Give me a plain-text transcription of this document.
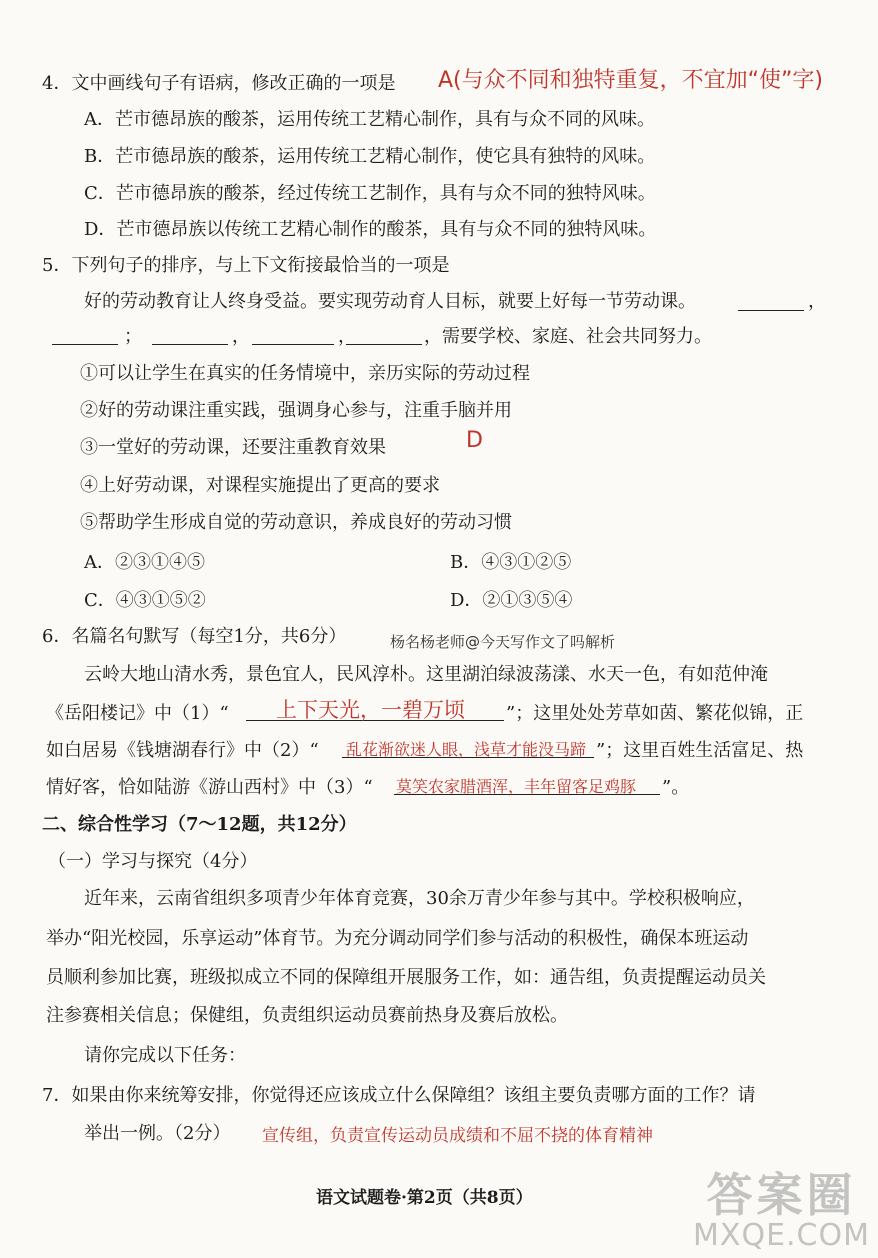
4．文中画线句子有语病，修改正确的一项是 A(与众不同和独特重复，不宜加“使”字)
A．芒市德昂族的酸茶，运用传统工艺精心制作，具有与众不同的风味。
B．芒市德昂族的酸茶，运用传统工艺精心制作，使它具有独特的风味。
C．芒市德昂族的酸茶，经过传统工艺制作，具有与众不同的独特风味。
D．芒市德昂族以传统工艺精心制作的酸茶，具有与众不同的独特风味。
5．下列句子的排序，与上下文衔接最恰当的一项是
好的劳动教育让人终身受益。要实现劳动育人目标，就要上好每一节劳动课。	，
；	，	，	，需要学校、家庭、社会共同努力。
①可以让学生在真实的任务情境中，亲历实际的劳动过程
②好的劳动课注重实践，强调身心参与，注重手脑并用
③一堂好的劳动课，还要注重教育效果	D
④上好劳动课，对课程实施提出了更高的要求
⑤帮助学生形成自觉的劳动意识，养成良好的劳动习惯
A．②③①④⑤	B．④③①②⑤
C．④③①⑤②	D．②①③⑤④
6．名篇名句默写（每空1分，共6分）	杨名杨老师@今天写作文了吗解析
云岭大地山清水秀，景色宜人，民风淳朴。这里湖泊绿波荡漾、水天一色，有如范仲淹
《岳阳楼记》中（1）“ 上下天光，一碧万顷 ”；这里处处芳草如茵、繁花似锦，正
如白居易《钱塘湖春行》中（2）“ 乱花渐欲迷人眼，浅草才能没马蹄 ”；这里百姓生活富足、热
情好客，恰如陆游《游山西村》中（3）“ 莫笑农家腊酒浑，丰年留客足鸡豚 ”。
二、综合性学习（7～12题，共12分）
（一）学习与探究（4分）
近年来，云南省组织多项青少年体育竞赛，30余万青少年参与其中。学校积极响应，
举办“阳光校园，乐享运动”体育节。为充分调动同学们参与活动的积极性，确保本班运动
员顺利参加比赛，班级拟成立不同的保障组开展服务工作，如：通告组，负责提醒运动员关
注参赛相关信息；保健组，负责组织运动员赛前热身及赛后放松。
请你完成以下任务：
7．如果由你来统筹安排，你觉得还应该成立什么保障组？该组主要负责哪方面的工作？请
举出一例。（2分） 宣传组，负责宣传运动员成绩和不屈不挠的体育精神
语文试题卷·第2页（共8页）	答案圈
MXQE.COM
